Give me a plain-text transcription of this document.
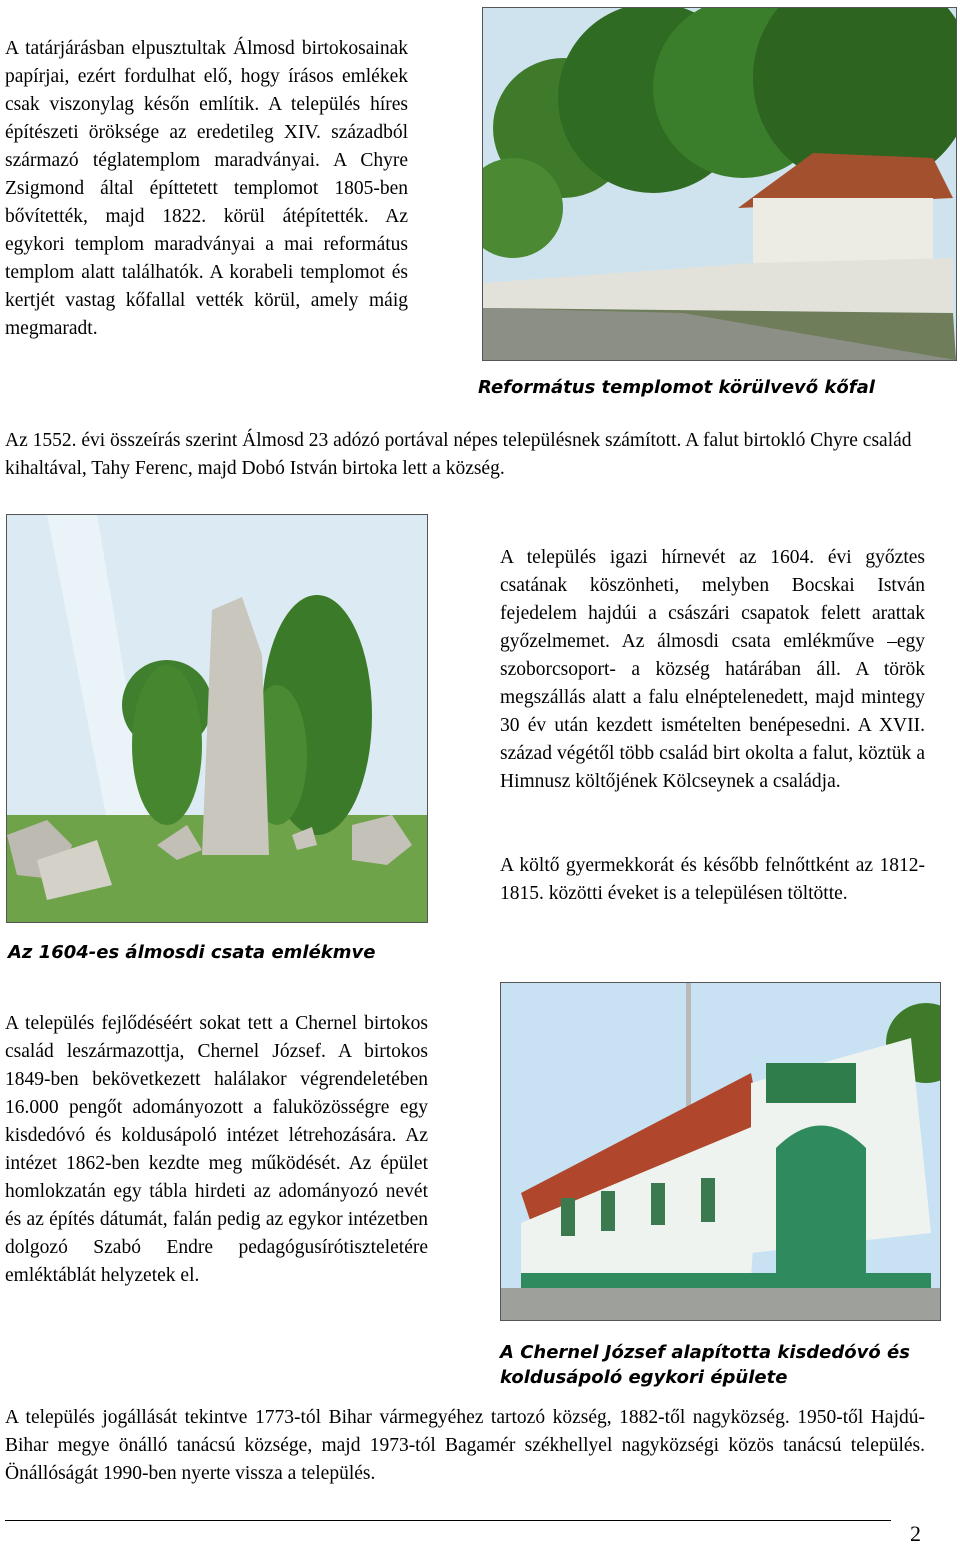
A tatárjárásban elpusztultak Álmosd birtokosainak papírjai, ezért fordulhat elő, hogy írásos emlékek csak viszonylag későn említik. A település híres építészeti öröksége az eredetileg XIV. századból származó téglatemplom maradványai. A Chyre Zsigmond által építtetett templomot 1805-ben bővítették, majd 1822. körül átépítették. Az egykori templom maradványai a mai református templom alatt találhatók. A korabeli templomot és kertjét vastag kőfallal vették körül, amely máig megmaradt.

Református templomot körülvevő kőfal

Az 1552. évi összeírás szerint Álmosd 23 adózó portával népes településnek számított. A falut birtokló Chyre család kihaltával, Tahy Ferenc, majd Dobó István birtoka lett a község.

Az 1604-es álmosdi csata emlékmve

A település igazi hírnevét az 1604. évi győztes csatának köszönheti, melyben Bocskai István fejedelem hajdúi a császári csapatok felett arattak győzelmemet. Az álmosdi csata emlékműve –egy szoborcsoport- a község határában áll. A török megszállás alatt a falu elnéptelenedett, majd mintegy 30 év után kezdett ismételten benépesedni. A XVII. század végétől több család birt okolta a falut, köztük a Himnusz költőjének Kölcseynek a családja.

A költő gyermekkorát és később felnőttként az 1812-1815. közötti éveket is a településen töltötte.

A település fejlődéséért sokat tett a Chernel birtokos család leszármazottja, Chernel József. A birtokos 1849-ben bekövetkezett halálakor végrendeletében 16.000 pengőt adományozott a faluközösségre egy kisdedóvó és koldusápoló intézet létrehozására. Az intézet 1862-ben kezdte meg működését. Az épület homlokzatán egy tábla hirdeti az adományozó nevét és az építés dátumát, falán pedig az egykor intézetben dolgozó Szabó Endre pedagógusírótiszteletére emléktáblát helyzetek el.

A Chernel József alapította kisdedóvó és koldusápoló egykori épülete

A település jogállását tekintve 1773-tól Bihar vármegyéhez tartozó község, 1882-től nagyközség. 1950-től Hajdú-Bihar megye önálló tanácsú községe, majd 1973-tól Bagamér székhellyel nagyközségi közös tanácsú település. Önállóságát 1990-ben nyerte vissza a település.

2
